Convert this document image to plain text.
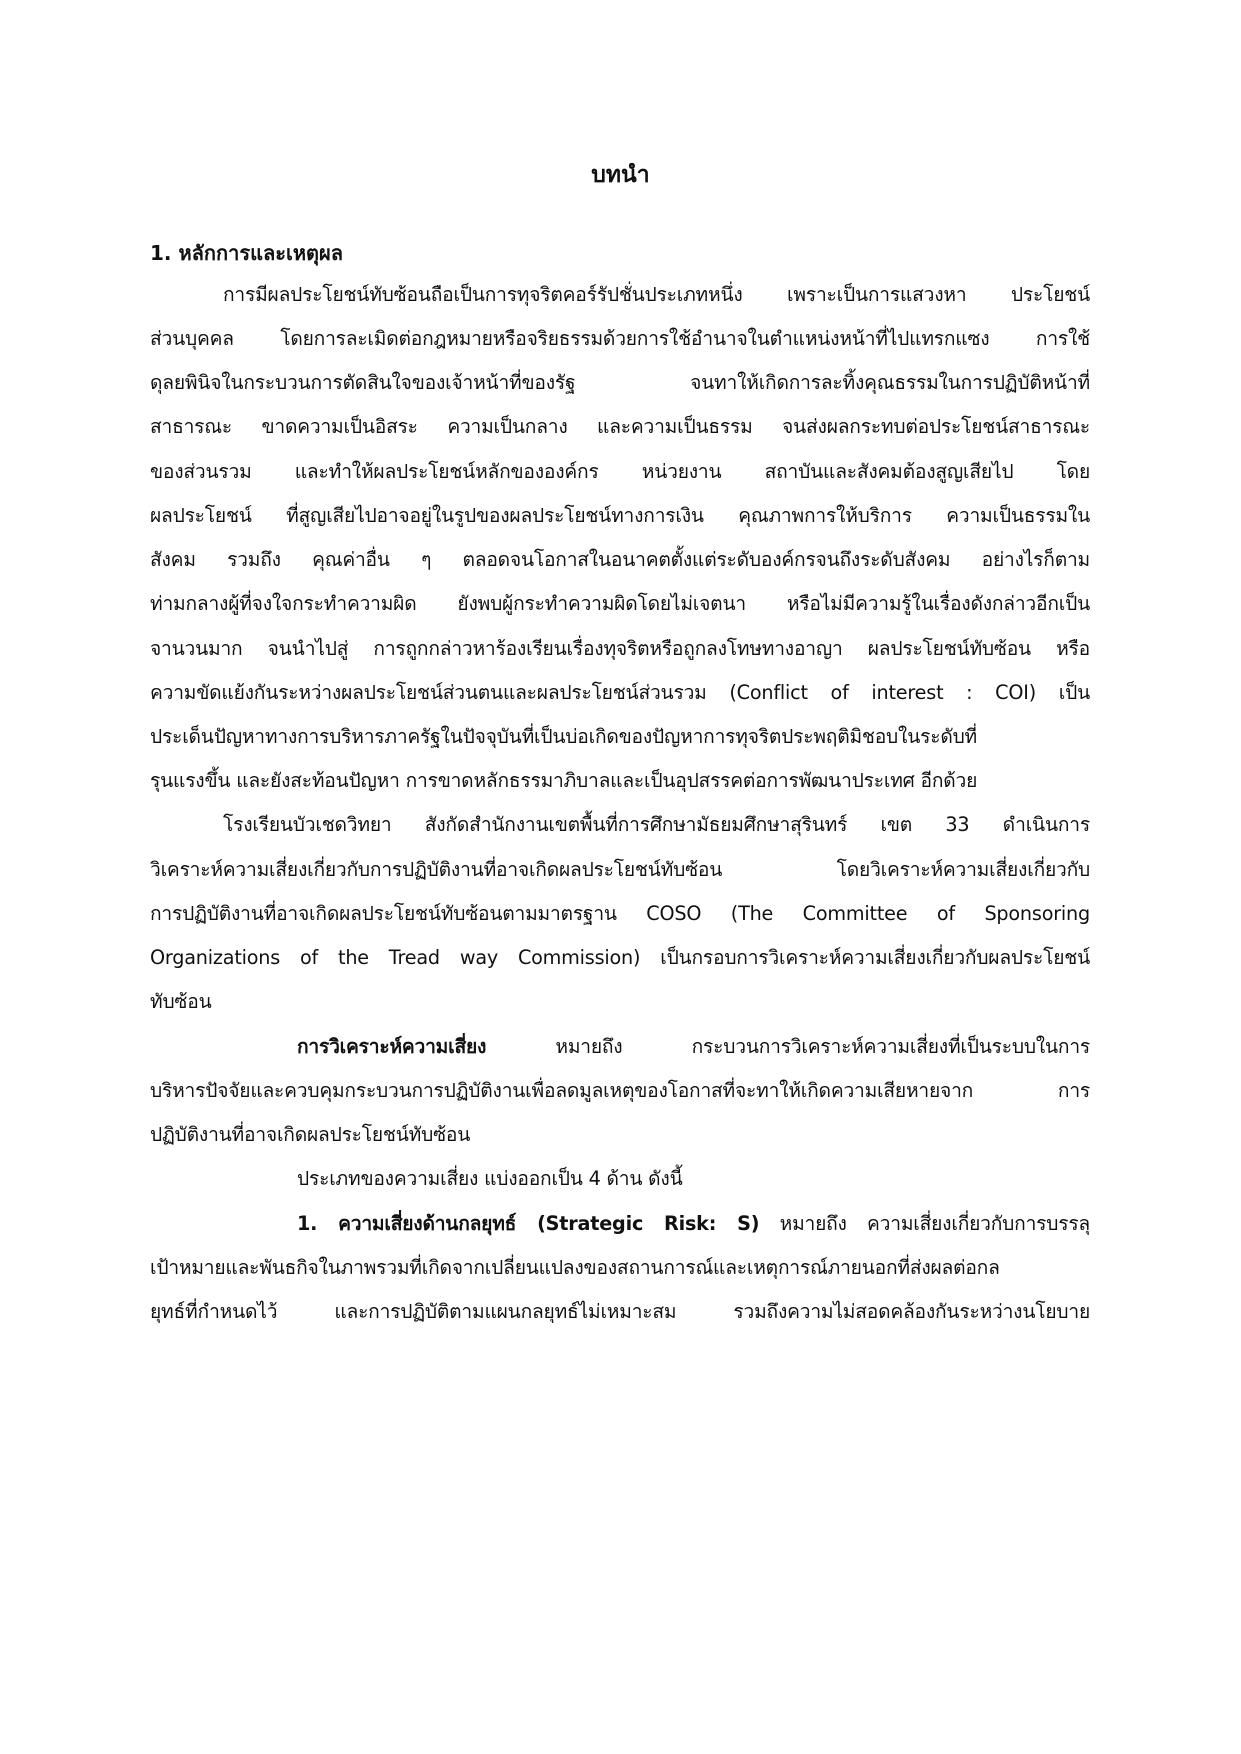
บทนำ
1. หลักการและเหตุผล
การมีผลประโยชน์ทับซ้อนถือเป็นการทุจริตคอร์รัปชั่นประเภทหนึ่ง เพราะเป็นการแสวงหา ประโยชน์
ส่วนบุคคล โดยการละเมิดต่อกฎหมายหรือจริยธรรมด้วยการใช้อำนาจในตำแหน่งหน้าที่ไปแทรกแซง การใช้
ดุลยพินิจในกระบวนการตัดสินใจของเจ้าหน้าที่ของรัฐ จนทาให้เกิดการละทิ้งคุณธรรมในการปฏิบัติหน้าที่
สาธารณะ ขาดความเป็นอิสระ ความเป็นกลาง และความเป็นธรรม จนส่งผลกระทบต่อประโยชน์สาธารณะ
ของส่วนรวม และทำให้ผลประโยชน์หลักขององค์กร หน่วยงาน สถาบันและสังคมต้องสูญเสียไป โดย
ผลประโยชน์ ที่สูญเสียไปอาจอยู่ในรูปของผลประโยชน์ทางการเงิน คุณภาพการให้บริการ ความเป็นธรรมใน
สังคม รวมถึง คุณค่าอื่น ๆ ตลอดจนโอกาสในอนาคตตั้งแต่ระดับองค์กรจนถึงระดับสังคม อย่างไรก็ตาม
ท่ามกลางผู้ที่จงใจกระทำความผิด ยังพบผู้กระทำความผิดโดยไม่เจตนา หรือไม่มีความรู้ในเรื่องดังกล่าวอีกเป็น
จานวนมาก จนนำไปสู่ การถูกกล่าวหาร้องเรียนเรื่องทุจริตหรือถูกลงโทษทางอาญา ผลประโยชน์ทับซ้อน หรือ
ความขัดแย้งกันระหว่างผลประโยชน์ส่วนตนและผลประโยชน์ส่วนรวม (Conflict of interest : COI) เป็น
ประเด็นปัญหาทางการบริหารภาครัฐในปัจจุบันที่เป็นบ่อเกิดของปัญหาการทุจริตประพฤติมิชอบในระดับที่
รุนแรงขึ้น และยังสะท้อนปัญหา การขาดหลักธรรมาภิบาลและเป็นอุปสรรคต่อการพัฒนาประเทศ อีกด้วย
โรงเรียนบัวเชดวิทยา สังกัดสำนักงานเขตพื้นที่การศึกษามัธยมศึกษาสุรินทร์ เขต 33 ดำเนินการ
วิเคราะห์ความเสี่ยงเกี่ยวกับการปฏิบัติงานที่อาจเกิดผลประโยชน์ทับซ้อน โดยวิเคราะห์ความเสี่ยงเกี่ยวกับ
การปฏิบัติงานที่อาจเกิดผลประโยชน์ทับซ้อนตามมาตรฐาน COSO (The Committee of Sponsoring
Organizations of the Tread way Commission) เป็นกรอบการวิเคราะห์ความเสี่ยงเกี่ยวกับผลประโยชน์
ทับซ้อน
การวิเคราะห์ความเสี่ยง หมายถึง กระบวนการวิเคราะห์ความเสี่ยงที่เป็นระบบในการ
บริหารปัจจัยและควบคุมกระบวนการปฏิบัติงานเพื่อลดมูลเหตุของโอกาสที่จะทาให้เกิดความเสียหายจาก การ
ปฏิบัติงานที่อาจเกิดผลประโยชน์ทับซ้อน
ประเภทของความเสี่ยง แบ่งออกเป็น 4 ด้าน ดังนี้
1. ความเสี่ยงด้านกลยุทธ์ (Strategic Risk: S) หมายถึง ความเสี่ยงเกี่ยวกับการบรรลุ
เป้าหมายและพันธกิจในภาพรวมที่เกิดจากเปลี่ยนแปลงของสถานการณ์และเหตุการณ์ภายนอกที่ส่งผลต่อกล
ยุทธ์ที่กำหนดไว้ และการปฏิบัติตามแผนกลยุทธ์ไม่เหมาะสม รวมถึงความไม่สอดคล้องกันระหว่างนโยบาย
